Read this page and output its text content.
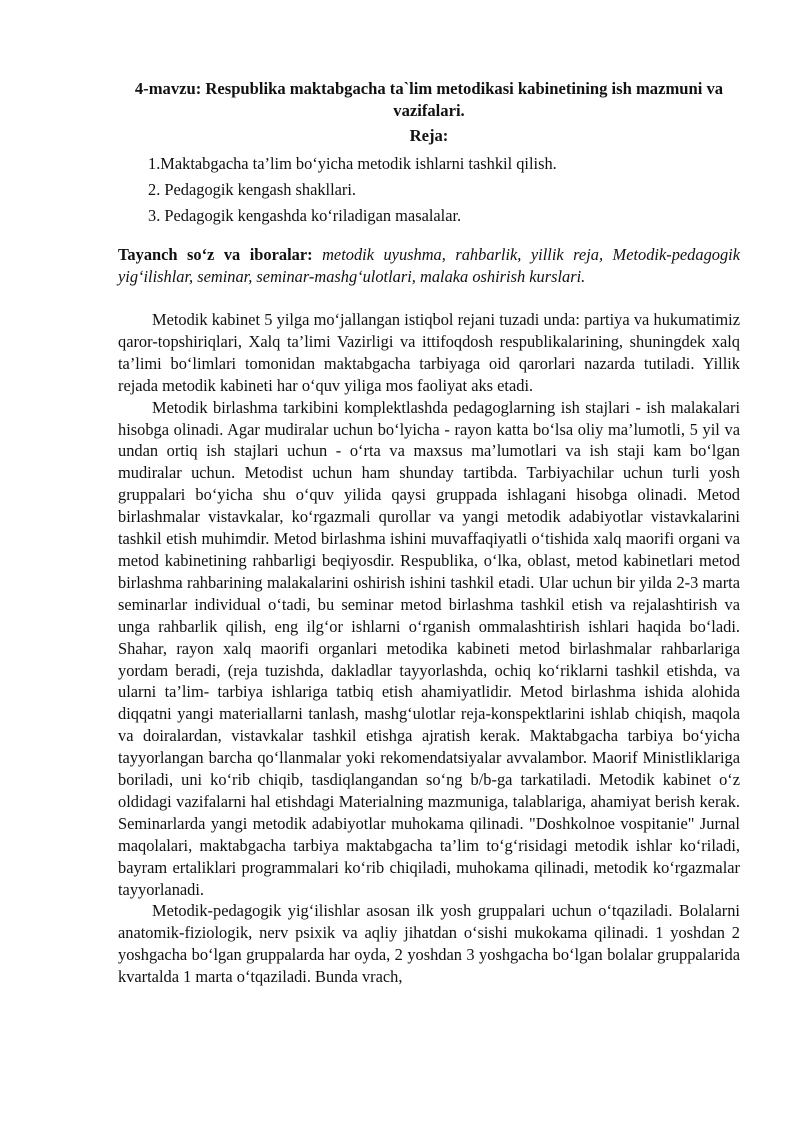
4-mavzu: Respublika maktabgacha ta`lim metodikasi kabinetining ish mazmuni va vazifalari.
Reja:
1.Maktabgacha ta’lim bo‘yicha metodik ishlarni tashkil qilish.
2. Pedagogik kengash shakllari.
3. Pedagogik kengashda ko‘riladigan masalalar.

Tayanch so‘z va iboralar: metodik uyushma, rahbarlik, yillik reja, Metodik-pedagogik yig‘ilishlar, seminar, seminar-mashg‘ulotlari, malaka oshirish kurslari.

Metodik kabinet 5 yilga mo‘jallangan istiqbol rejani tuzadi unda: partiya va hukumatimiz qaror-topshiriqlari, Xalq ta’limi Vazirligi va ittifoqdosh respublikalarining, shuningdek xalq ta’limi bo‘limlari tomonidan maktabgacha tarbiyaga oid qarorlari nazarda tutiladi. Yillik rejada metodik kabineti har o‘quv yiliga mos faoliyat aks etadi.

Metodik birlashma tarkibini komplektlashda pedagoglarning ish stajlari - ish malakalari hisobga olinadi. Agar mudiralar uchun bo‘lyicha - rayon katta bo‘lsa oliy ma’lumotli, 5 yil va undan ortiq ish stajlari uchun - o‘rta va maxsus ma’lumotlari va ish staji kam bo‘lgan mudiralar uchun. Metodist uchun ham shunday tartibda. Tarbiyachilar uchun turli yosh gruppalari bo‘yicha shu o‘quv yilida qaysi gruppada ishlagani hisobga olinadi. Metod birlashmalar vistavkalar, ko‘rgazmali qurollar va yangi metodik adabiyotlar vistavkalarini tashkil etish muhimdir. Metod birlashma ishini muvaffaqiyatli o‘tishida xalq maorifi organi va metod kabinetining rahbarligi beqiyosdir. Respublika, o‘lka, oblast, metod kabinetlari metod birlashma rahbarining malakalarini oshirish ishini tashkil etadi. Ular uchun bir yilda 2-3 marta seminarlar individual o‘tadi, bu seminar metod birlashma tashkil etish va rejalashtirish va unga rahbarlik qilish, eng ilg‘or ishlarni o‘rganish ommalashtirish ishlari haqida bo‘ladi. Shahar, rayon xalq maorifi organlari metodika kabineti metod birlashmalar rahbarlariga yordam beradi, (reja tuzishda, dakladlar tayyorlashda, ochiq ko‘riklarni tashkil etishda, va ularni ta’lim- tarbiya ishlariga tatbiq etish ahamiyatlidir. Metod birlashma ishida alohida diqqatni yangi materiallarni tanlash, mashg‘ulotlar reja-konspektlarini ishlab chiqish, maqola va doiralardan, vistavkalar tashkil etishga ajratish kerak. Maktabgacha tarbiya bo‘yicha tayyorlangan barcha qo‘llanmalar yoki rekomendatsiyalar avvalambor. Maorif Ministliklariga boriladi, uni ko‘rib chiqib, tasdiqlangandan so‘ng b/b-ga tarkatiladi. Metodik kabinet o‘z oldidagi vazifalarni hal etishdagi Materialning mazmuniga, talablariga, ahamiyat berish kerak. Seminarlarda yangi metodik adabiyotlar muhokama qilinadi. "Doshkolnoe vospitanie" Jurnal maqolalari, maktabgacha tarbiya maktabgacha ta’lim to‘g‘risidagi metodik ishlar ko‘riladi, bayram ertaliklari programmalari ko‘rib chiqiladi, muhokama qilinadi, metodik ko‘rgazmalar tayyorlanadi.

Metodik-pedagogik yig‘ilishlar asosan ilk yosh gruppalari uchun o‘tqaziladi. Bolalarni anatomik-fiziologik, nerv psixik va aqliy jihatdan o‘sishi mukokama qilinadi. 1 yoshdan 2 yoshgacha bo‘lgan gruppalarda har oyda, 2 yoshdan 3 yoshgacha bo‘lgan bolalar gruppalarida kvartalda 1 marta o‘tqaziladi. Bunda vrach,
